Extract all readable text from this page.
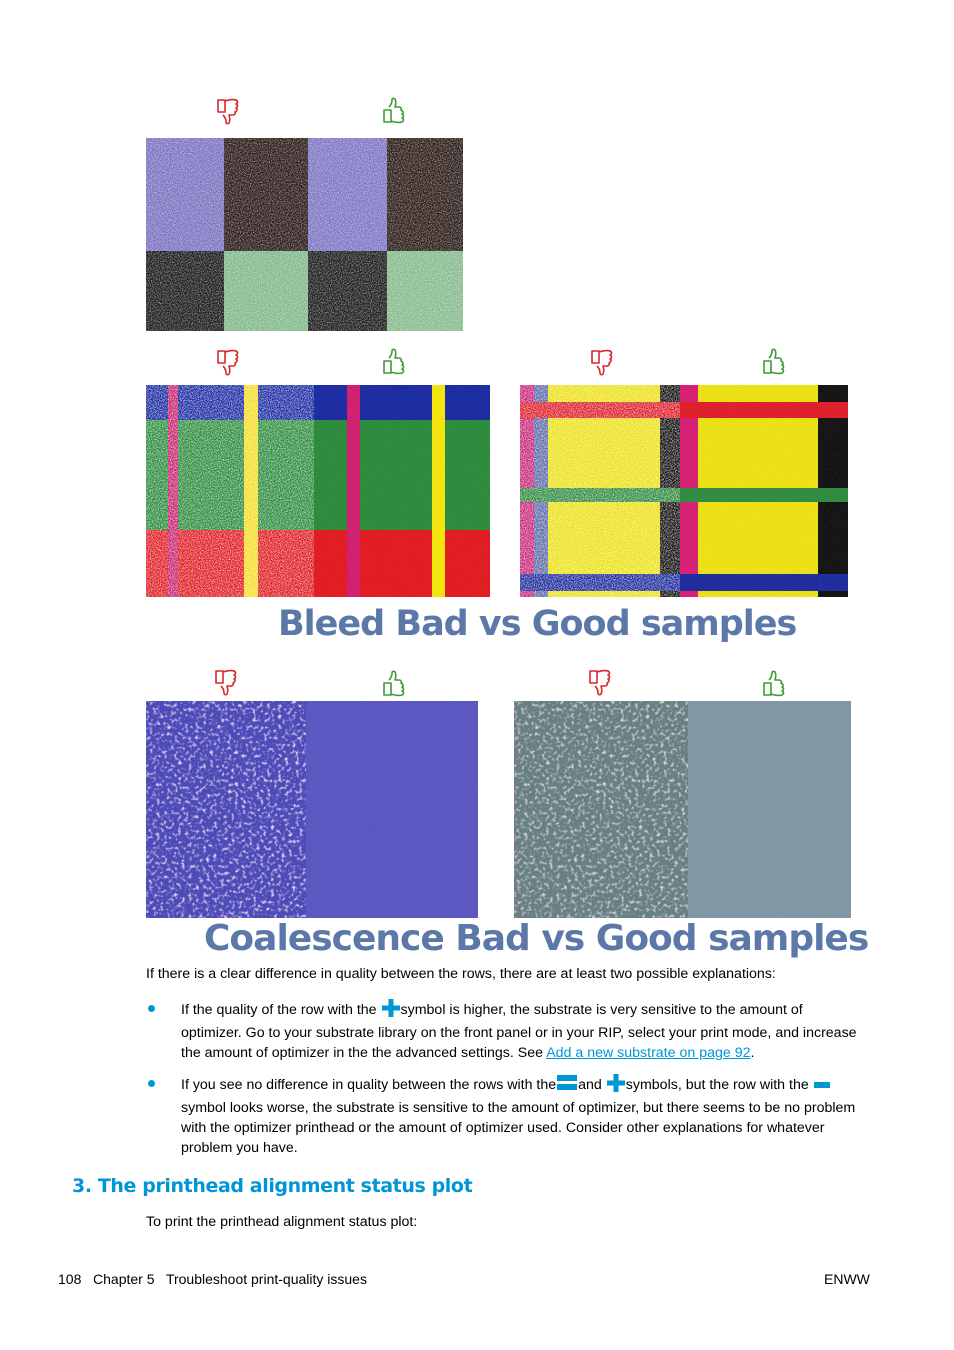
Bleed Bad vs Good samples
Coalescence Bad vs Good samples
If there is a clear difference in quality between the rows, there are at least two possible explanations:
If the quality of the row with the symbol is higher, the substrate is very sensitive to the amount of optimizer. Go to your substrate library on the front panel or in your RIP, select your print mode, and increase the amount of optimizer in the the advanced settings. See Add a new substrate on page 92.
If you see no difference in quality between the rows with the and symbols, but the row with the  symbol looks worse, the substrate is sensitive to the amount of optimizer, but there seems to be no problem with the optimizer printhead or the amount of optimizer used. Consider other explanations for whatever problem you have.
3. The printhead alignment status plot
To print the printhead alignment status plot:
108 Chapter 5 Troubleshoot print-quality issues	ENWW
